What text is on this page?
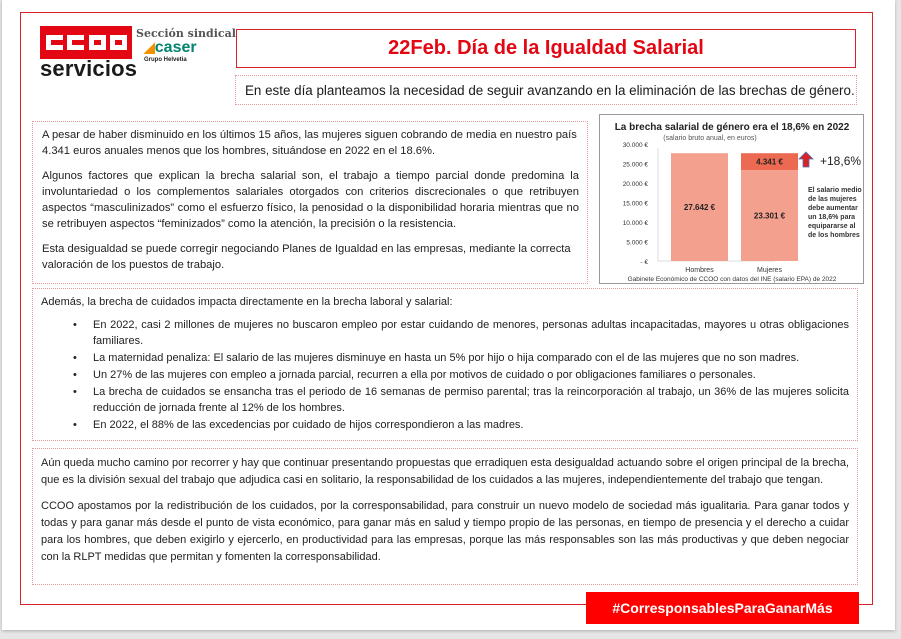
servicios
Sección sindical
◢caser
Grupo Helvetia
22Feb. Día de la Igualdad Salarial
En este día planteamos la necesidad de seguir avanzando en la eliminación de las brechas de género.

A pesar de haber disminuido en los últimos 15 años, las mujeres siguen cobrando de media en nuestro país 4.341 euros anuales menos que los hombres, situándose en 2022 en el 18.6%.

Algunos factores que explican la brecha salarial son, el trabajo a tiempo parcial donde predomina la involuntariedad o los complementos salariales otorgados con criterios discrecionales o que retribuyen aspectos “masculinizados” como el esfuerzo físico, la penosidad o la disponibilidad horaria mientras que no se retribuyen aspectos “feminizados” como la atención, la precisión o la resistencia.

Esta desigualdad se puede corregir negociando Planes de Igualdad en las empresas, mediante la correcta valoración de los puestos de trabajo.

La brecha salarial de género era el 18,6% en 2022
(salario bruto anual, en euros)
- €
5.000 €
10.000 €
15.000 €
20.000 €
25.000 €
30.000 €
27.642 €
Hombres
23.301 €
4.341 €
Mujeres
+18,6%
El salario medio
de las mujeres
debe aumentar
un 18,6% para
equipararse al
de los hombres
Gabinete Económico de CCOO con datos del INE (salario EPA) de 2022

Además, la brecha de cuidados impacta directamente en la brecha laboral y salarial:

• En 2022, casi 2 millones de mujeres no buscaron empleo por estar cuidando de menores, personas adultas incapacitadas, mayores u otras obligaciones familiares.
• La maternidad penaliza: El salario de las mujeres disminuye en hasta un 5% por hijo o hija comparado con el de las mujeres que no son madres.
• Un 27% de las mujeres con empleo a jornada parcial, recurren a ella por motivos de cuidado o por obligaciones familiares o personales.
• La brecha de cuidados se ensancha tras el periodo de 16 semanas de permiso parental; tras la reincorporación al trabajo, un 36% de las mujeres solicita reducción de jornada frente al 12% de los hombres.
• En 2022, el 88% de las excedencias por cuidado de hijos correspondieron a las madres.

Aún queda mucho camino por recorrer y hay que continuar presentando propuestas que erradiquen esta desigualdad actuando sobre el origen principal de la brecha, que es la división sexual del trabajo que adjudica casi en solitario, la responsabilidad de los cuidados a las mujeres, independientemente del trabajo que tengan.

CCOO apostamos por la redistribución de los cuidados, por la corresponsabilidad, para construir un nuevo modelo de sociedad más igualitaria. Para ganar todos y todas y para ganar más desde el punto de vista económico, para ganar más en salud y tiempo propio de las personas, en tiempo de presencia y el derecho a cuidar para los hombres, que deben exigirlo y ejercerlo, en productividad para las empresas, porque las más responsables son las más productivas y que deben negociar con la RLPT medidas que permitan y fomenten la corresponsabilidad.

#CorresponsablesParaGanarMás
